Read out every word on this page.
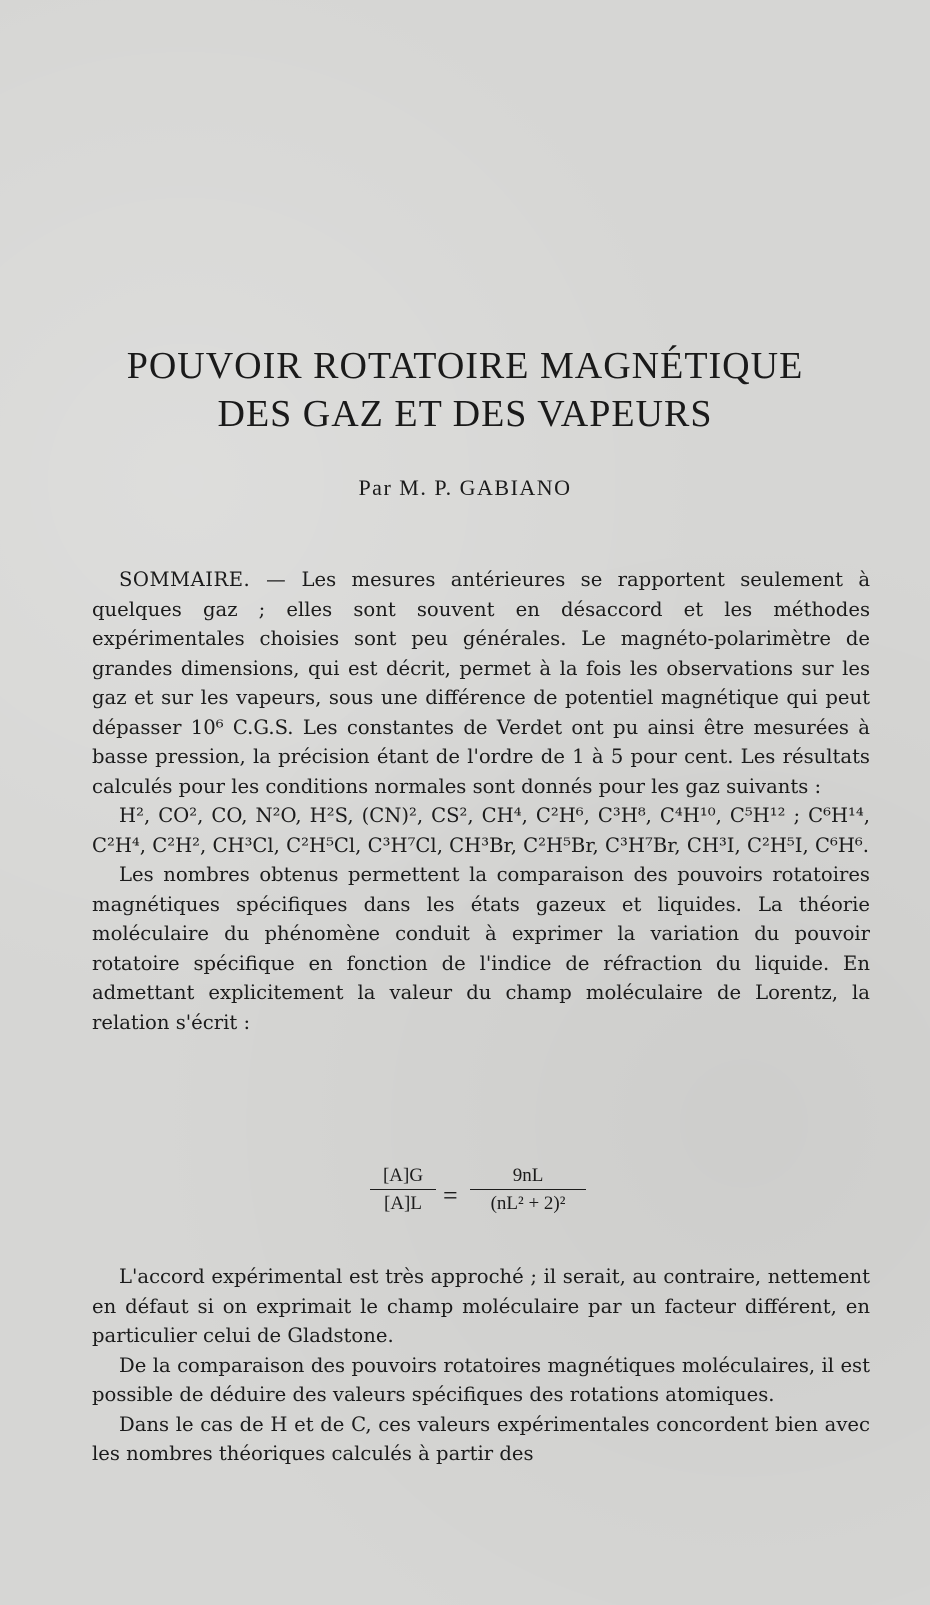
POUVOIR ROTATOIRE MAGNÉTIQUE
DES GAZ ET DES VAPEURS
Par M. P. GABIANO

SOMMAIRE. — Les mesures antérieures se rapportent seulement à quelques gaz ; elles sont souvent en désaccord et les méthodes expérimentales choisies sont peu générales. Le magnéto-polarimètre de grandes dimensions, qui est décrit, permet à la fois les observations sur les gaz et sur les vapeurs, sous une différence de potentiel magnétique qui peut dépasser 10⁶ C.G.S. Les constantes de Verdet ont pu ainsi être mesurées à basse pression, la précision étant de l'ordre de 1 à 5 pour cent. Les résultats calculés pour les conditions normales sont donnés pour les gaz suivants :

H², CO², CO, N²O, H²S, (CN)², CS², CH⁴, C²H⁶, C³H⁸, C⁴H¹⁰, C⁵H¹² ; C⁶H¹⁴, C²H⁴, C²H², CH³Cl, C²H⁵Cl, C³H⁷Cl, CH³Br, C²H⁵Br, C³H⁷Br, CH³I, C²H⁵I, C⁶H⁶.

Les nombres obtenus permettent la comparaison des pouvoirs rotatoires magnétiques spécifiques dans les états gazeux et liquides. La théorie moléculaire du phénomène conduit à exprimer la variation du pouvoir rotatoire spécifique en fonction de l'indice de réfraction du liquide. En admettant explicitement la valeur du champ moléculaire de Lorentz, la relation s'écrit :

$\frac{[A]G}{[A]L} = \frac{9nL}{\text{(nL² + 2)²}}$

L'accord expérimental est très approché ; il serait, au contraire, nettement en défaut si on exprimait le champ moléculaire par un facteur différent, en particulier celui de Gladstone.

De la comparaison des pouvoirs rotatoires magnétiques moléculaires, il est possible de déduire des valeurs spécifiques des rotations atomiques.

Dans le cas de H et de C, ces valeurs expérimentales concordent bien avec les nombres théoriques calculés à partir des
